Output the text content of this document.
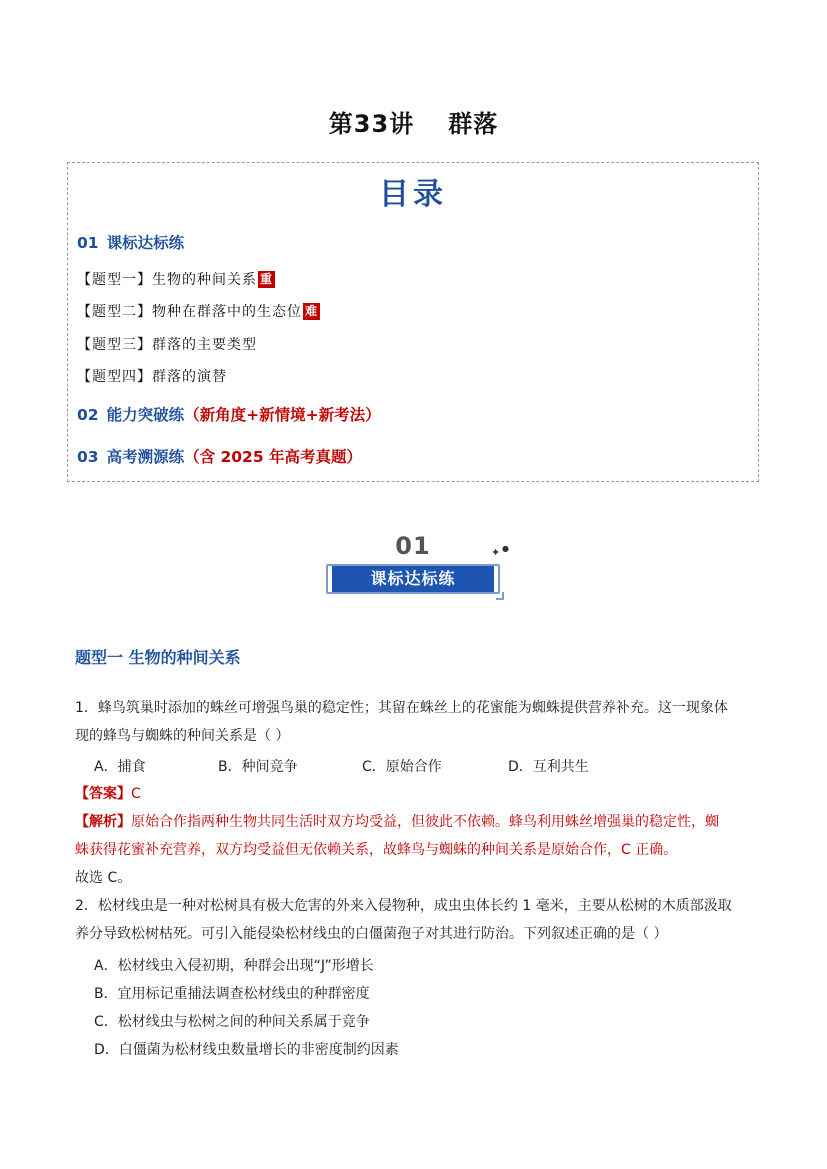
第33讲 群落
目录
01 课标达标练
【题型一】生物的种间关系 重
【题型二】物种在群落中的生态位 难
【题型三】群落的主要类型
【题型四】群落的演替
02 能力突破练（新角度+新情境+新考法）
03 高考溯源练（含 2025 年高考真题）
01	✦ ●
课标达标练
题型一 生物的种间关系
1．蜂鸟筑巢时添加的蛛丝可增强鸟巢的稳定性；其留在蛛丝上的花蜜能为蜘蛛提供营养补充。这一现象体
现的蜂鸟与蜘蛛的种间关系是（ ）
A．捕食	B．种间竞争	C．原始合作	D．互利共生
【答案】C
【解析】原始合作指两种生物共同生活时双方均受益，但彼此不依赖。蜂鸟利用蛛丝增强巢的稳定性，蜘
蛛获得花蜜补充营养，双方均受益但无依赖关系，故蜂鸟与蜘蛛的种间关系是原始合作，C 正确。
故选 C。
2．松材线虫是一种对松树具有极大危害的外来入侵物种，成虫虫体长约 1 毫米，主要从松树的木质部汲取
养分导致松树枯死。可引入能侵染松材线虫的白僵菌孢子对其进行防治。下列叙述正确的是（ ）
A．松材线虫入侵初期，种群会出现“J”形增长
B．宜用标记重捕法调查松材线虫的种群密度
C．松材线虫与松树之间的种间关系属于竞争
D．白僵菌为松材线虫数量增长的非密度制约因素
